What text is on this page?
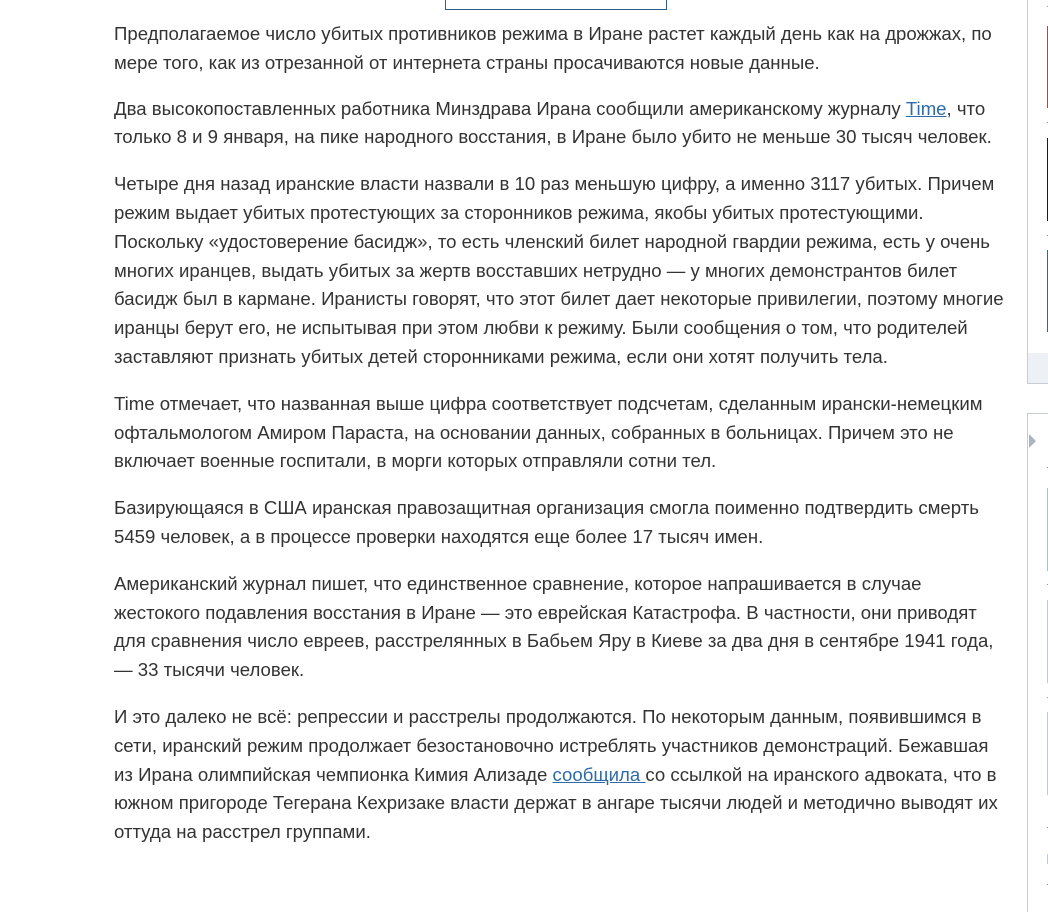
Предполагаемое число убитых противников режима в Иране растет каждый день как на дрожжах, по мере того, как из отрезанной от интернета страны просачиваются новые данные.

Два высокопоставленных работника Минздрава Ирана сообщили американскому журналу Time, что только 8 и 9 января, на пике народного восстания, в Иране было убито не меньше 30 тысяч человек.

Четыре дня назад иранские власти назвали в 10 раз меньшую цифру, а именно 3117 убитых. Причем режим выдает убитых протестующих за сторонников режима, якобы убитых протестующими. Поскольку «удостоверение басидж», то есть членский билет народной гвардии режима, есть у очень многих иранцев, выдать убитых за жертв восставших нетрудно — у многих демонстрантов билет басидж был в кармане. Иранисты говорят, что этот билет дает некоторые привилегии, поэтому многие иранцы берут его, не испытывая при этом любви к режиму. Были сообщения о том, что родителей заставляют признать убитых детей сторонниками режима, если они хотят получить тела.

Time отмечает, что названная выше цифра соответствует подсчетам, сделанным ирански-немецким офтальмологом Амиром Параста, на основании данных, собранных в больницах. Причем это не включает военные госпитали, в морги которых отправляли сотни тел.

Базирующаяся в США иранская правозащитная организация смогла поименно подтвердить смерть 5459 человек, а в процессе проверки находятся еще более 17 тысяч имен.

Американский журнал пишет, что единственное сравнение, которое напрашивается в случае жестокого подавления восстания в Иране — это еврейская Катастрофа. В частности, они приводят для сравнения число евреев, расстрелянных в Бабьем Яру в Киеве за два дня в сентябре 1941 года, — 33 тысячи человек.

И это далеко не всё: репрессии и расстрелы продолжаются. По некоторым данным, появившимся в сети, иранский режим продолжает безостановочно истреблять участников демонстраций. Бежавшая из Ирана олимпийская чемпионка Кимия Ализаде сообщила со ссылкой на иранского адвоката, что в южном пригороде Тегерана Кехризаке власти держат в ангаре тысячи людей и методично выводят их оттуда на расстрел группами.
